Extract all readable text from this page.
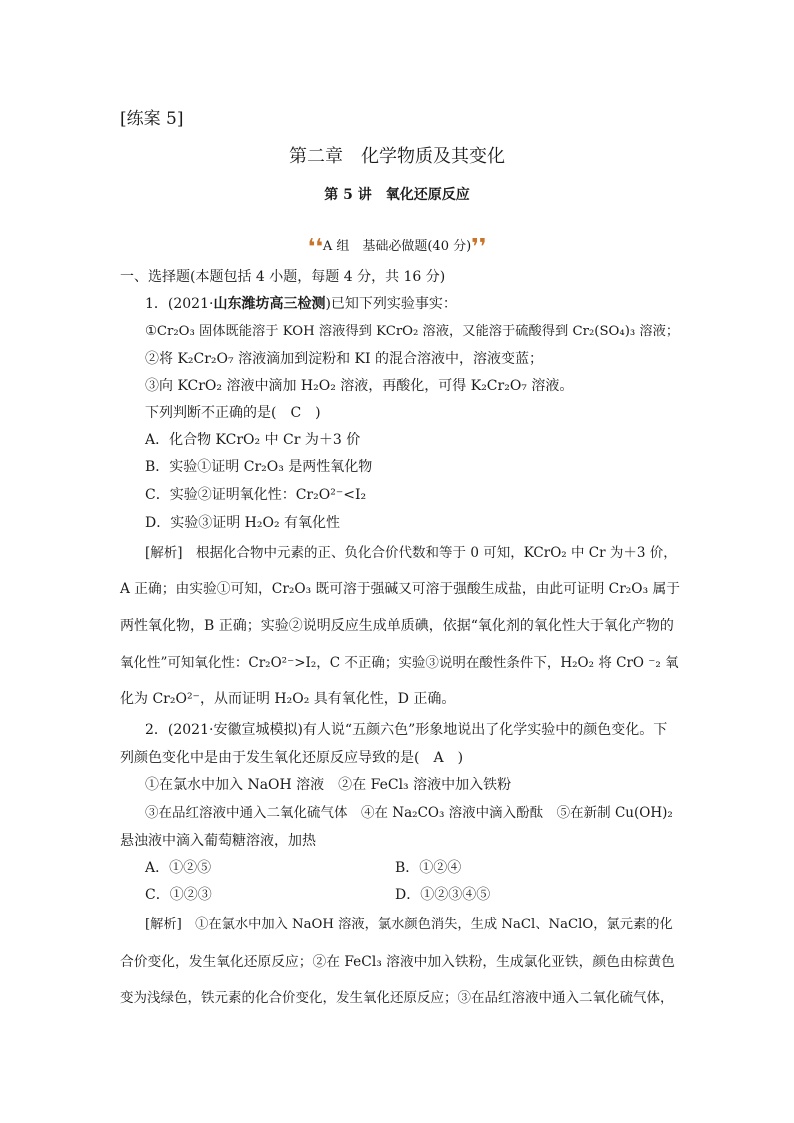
[练案 5]
第二章　化学物质及其变化
第 5 讲　氧化还原反应
❛❛A 组　基础必做题(40 分)❜❜
一、选择题(本题包括 4 小题，每题 4 分，共 16 分)
1．(2021·山东潍坊高三检测)已知下列实验事实：
①Cr₂O₃ 固体既能溶于 KOH 溶液得到 KCrO₂ 溶液，又能溶于硫酸得到 Cr₂(SO₄)₃ 溶液；
②将 K₂Cr₂O₇ 溶液滴加到淀粉和 KI 的混合溶液中，溶液变蓝；
③向 KCrO₂ 溶液中滴加 H₂O₂ 溶液，再酸化，可得 K₂Cr₂O₇ 溶液。
下列判断不正确的是(　C　)
A．化合物 KCrO₂ 中 Cr 为＋3 价
B．实验①证明 Cr₂O₃ 是两性氧化物
C．实验②证明氧化性：Cr₂O²⁻<I₂
D．实验③证明 H₂O₂ 有氧化性
[解析]　根据化合物中元素的正、负化合价代数和等于 0 可知，KCrO₂ 中 Cr 为＋3 价，
A 正确；由实验①可知，Cr₂O₃ 既可溶于强碱又可溶于强酸生成盐，由此可证明 Cr₂O₃ 属于
两性氧化物，B 正确；实验②说明反应生成单质碘，依据“氧化剂的氧化性大于氧化产物的
氧化性”可知氧化性：Cr₂O²⁻>I₂，C 不正确；实验③说明在酸性条件下，H₂O₂ 将 CrO ⁻₂ 氧
化为 Cr₂O²⁻，从而证明 H₂O₂ 具有氧化性，D 正确。
2．(2021·安徽宣城模拟)有人说“五颜六色”形象地说出了化学实验中的颜色变化。下
列颜色变化中是由于发生氧化还原反应导致的是(　A　)
①在氯水中加入 NaOH 溶液　②在 FeCl₃ 溶液中加入铁粉
③在品红溶液中通入二氧化硫气体　④在 Na₂CO₃ 溶液中滴入酚酞　⑤在新制 Cu(OH)₂
悬浊液中滴入葡萄糖溶液，加热
A．①②⑤	B．①②④
C．①②③	D．①②③④⑤
[解析]　①在氯水中加入 NaOH 溶液，氯水颜色消失，生成 NaCl、NaClO，氯元素的化
合价变化，发生氧化还原反应；②在 FeCl₃ 溶液中加入铁粉，生成氯化亚铁，颜色由棕黄色
变为浅绿色，铁元素的化合价变化，发生氧化还原反应；③在品红溶液中通入二氧化硫气体，
